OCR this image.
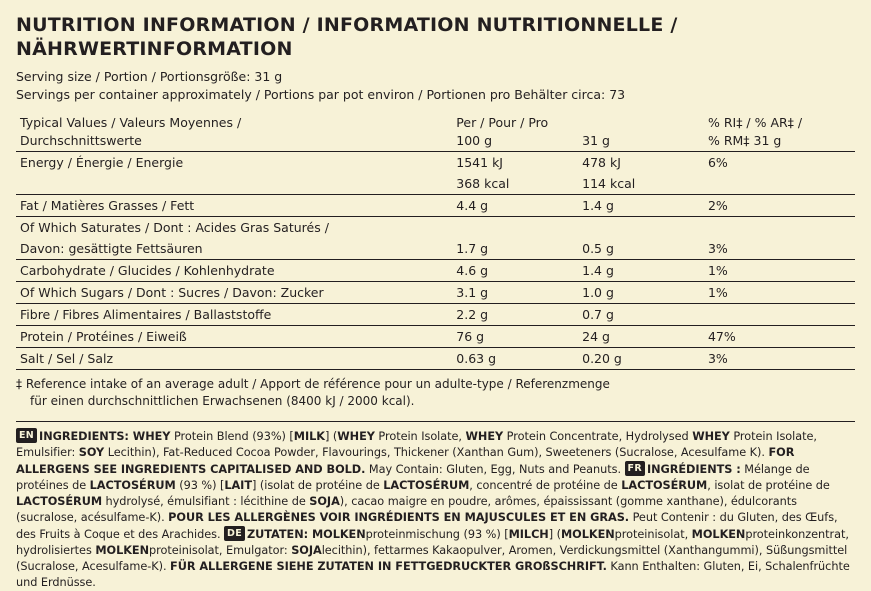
NUTRITION INFORMATION / INFORMATION NUTRITIONNELLE / NÄHRWERTINFORMATION
Serving size / Portion / Portionsgröße: 31 g
Servings per container approximately / Portions par pot environ / Portionen pro Behälter circa: 73
Typical Values / Valeurs Moyennes /	Per / Pour / Pro		% RI‡ / % AR‡ /
Durchschnittswerte	100 g	31 g	% RM‡ 31 g
Energy / Énergie / Energie	1541 kJ	478 kJ	6%
	368 kcal	114 kcal	
Fat / Matières Grasses / Fett	4.4 g	1.4 g	2%
Of Which Saturates / Dont : Acides Gras Saturés /			
Davon: gesättigte Fettsäuren	1.7 g	0.5 g	3%
Carbohydrate / Glucides / Kohlenhydrate	4.6 g	1.4 g	1%
Of Which Sugars / Dont : Sucres / Davon: Zucker	3.1 g	1.0 g	1%
Fibre / Fibres Alimentaires / Ballaststoffe	2.2 g	0.7 g	
Protein / Protéines / Eiweiß	76 g	24 g	47%
Salt / Sel / Salz	0.63 g	0.20 g	3%
‡ Reference intake of an average adult / Apport de référence pour un adulte-type / Referenzmenge
für einen durchschnittlichen Erwachsenen (8400 kJ / 2000 kcal).
EN INGREDIENTS: WHEY Protein Blend (93%) [MILK] (WHEY Protein Isolate, WHEY Protein Concentrate, Hydrolysed WHEY Protein Isolate, Emulsifier: SOY Lecithin), Fat-Reduced Cocoa Powder, Flavourings, Thickener (Xanthan Gum), Sweeteners (Sucralose, Acesulfame K). FOR ALLERGENS SEE INGREDIENTS CAPITALISED AND BOLD. May Contain: Gluten, Egg, Nuts and Peanuts. FR INGRÉDIENTS : Mélange de protéines de LACTOSÉRUM (93 %) [LAIT] (isolat de protéine de LACTOSÉRUM, concentré de protéine de LACTOSÉRUM, isolat de protéine de LACTOSÉRUM hydrolysé, émulsifiant : lécithine de SOJA), cacao maigre en poudre, arômes, épaississant (gomme xanthane), édulcorants (sucralose, acésulfame-K). POUR LES ALLERGÈNES VOIR INGRÉDIENTS EN MAJUSCULES ET EN GRAS. Peut Contenir : du Gluten, des Œufs, des Fruits à Coque et des Arachides. DE ZUTATEN: MOLKENproteinmischung (93 %) [MILCH] (MOLKENproteinisolat, MOLKENproteinkonzentrat, hydrolisiertes MOLKENproteinisolat, Emulgator: SOJAlecithin), fettarmes Kakaopulver, Aromen, Verdickungsmittel (Xanthangummi), Süßungsmittel (Sucralose, Acesulfame-K). FÜR ALLERGENE SIEHE ZUTATEN IN FETTGEDRUCKTER GROßSCHRIFT. Kann Enthalten: Gluten, Ei, Schalenfrüchte und Erdnüsse.
